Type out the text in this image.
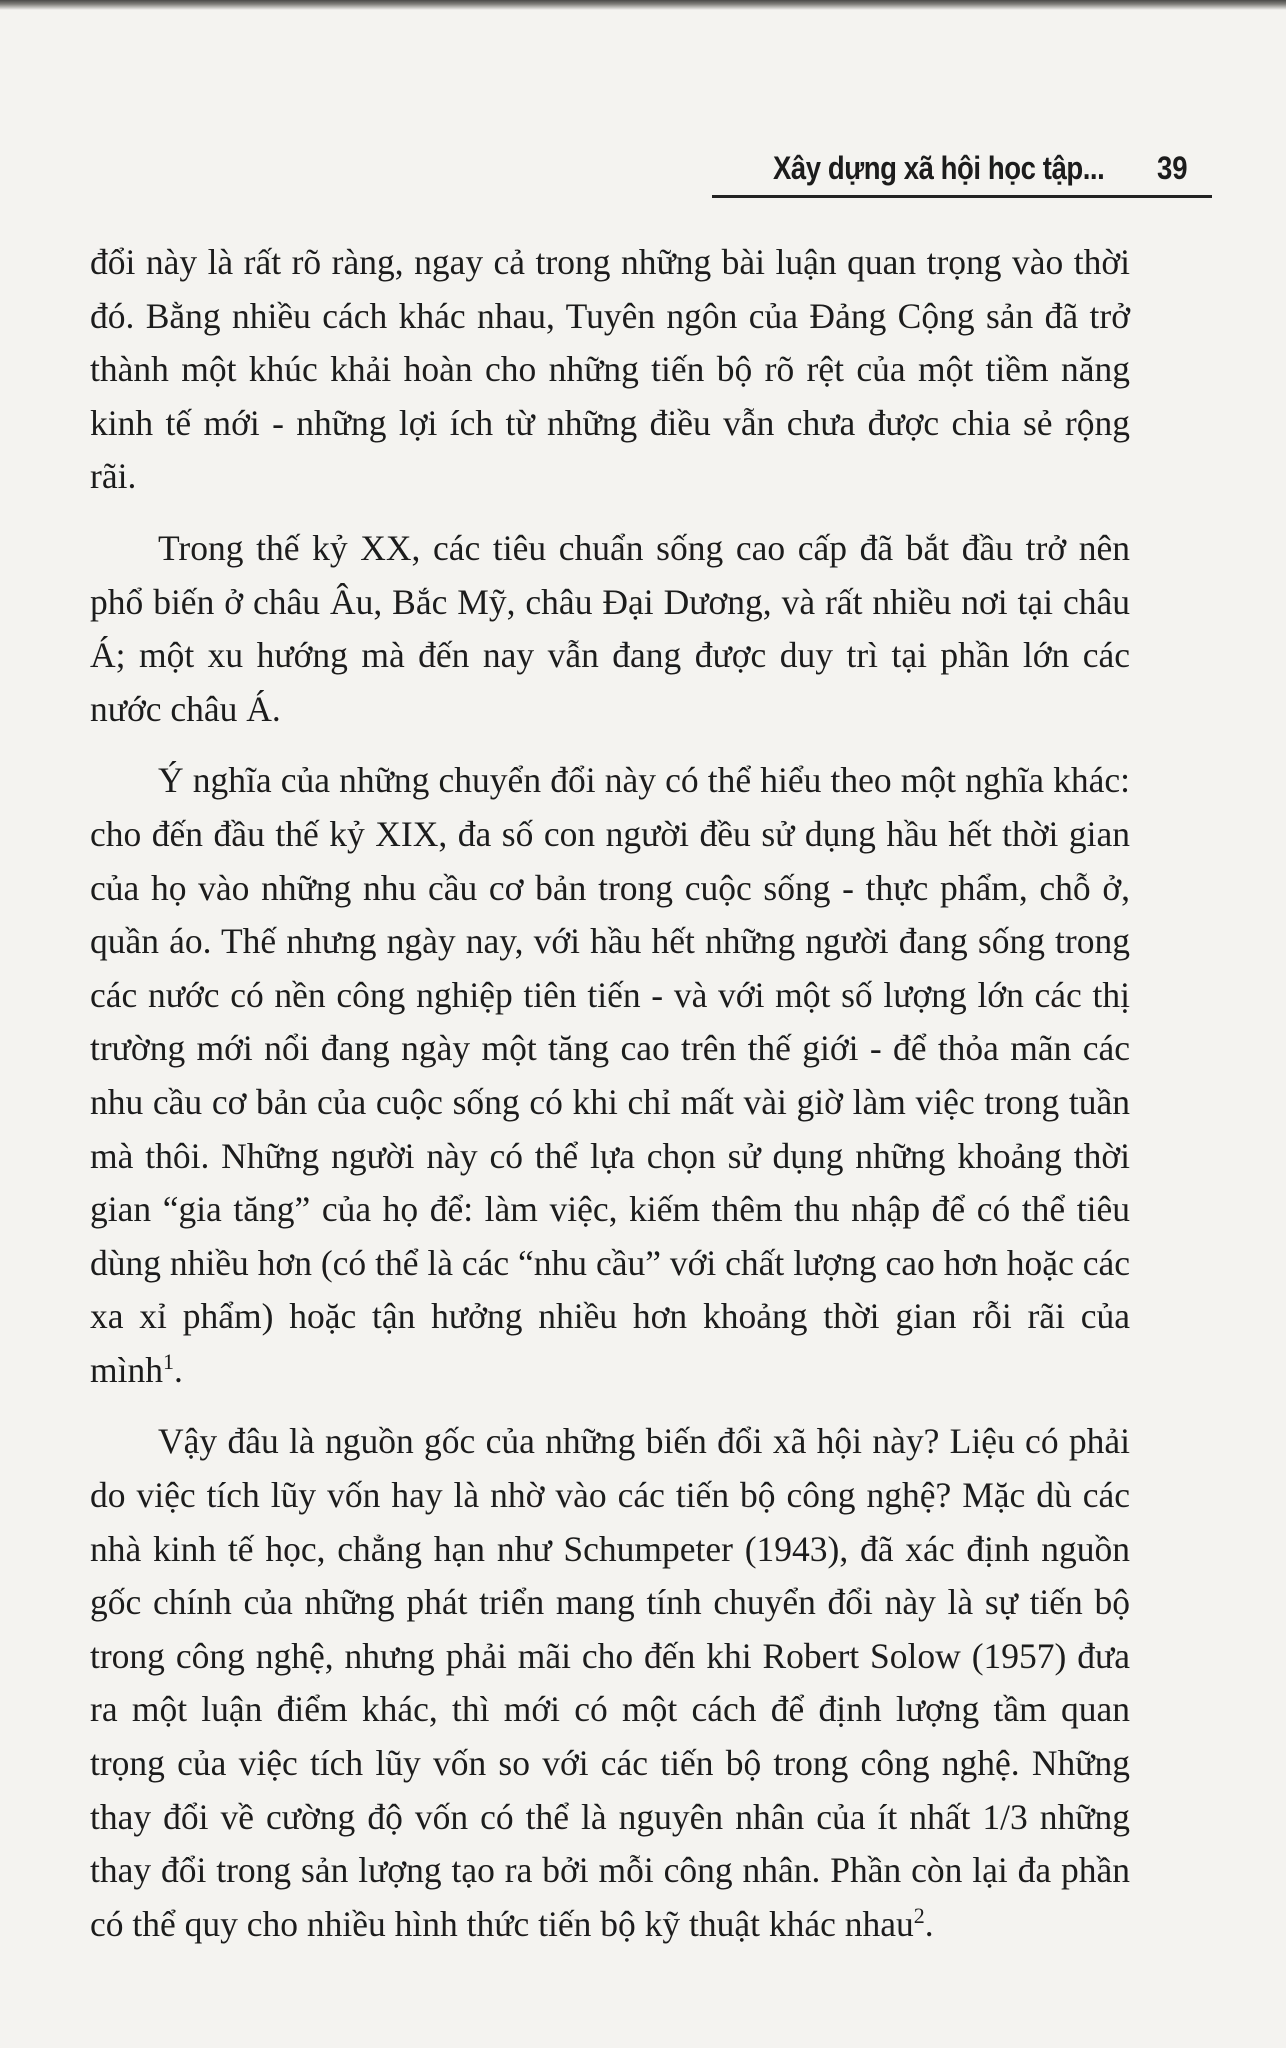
Xây dựng xã hội học tập... 39

đổi này là rất rõ ràng, ngay cả trong những bài luận quan trọng vào thời đó. Bằng nhiều cách khác nhau, Tuyên ngôn của Đảng Cộng sản đã trở thành một khúc khải hoàn cho những tiến bộ rõ rệt của một tiềm năng kinh tế mới - những lợi ích từ những điều vẫn chưa được chia sẻ rộng rãi.

Trong thế kỷ XX, các tiêu chuẩn sống cao cấp đã bắt đầu trở nên phổ biến ở châu Âu, Bắc Mỹ, châu Đại Dương, và rất nhiều nơi tại châu Á; một xu hướng mà đến nay vẫn đang được duy trì tại phần lớn các nước châu Á.

Ý nghĩa của những chuyển đổi này có thể hiểu theo một nghĩa khác: cho đến đầu thế kỷ XIX, đa số con người đều sử dụng hầu hết thời gian của họ vào những nhu cầu cơ bản trong cuộc sống - thực phẩm, chỗ ở, quần áo. Thế nhưng ngày nay, với hầu hết những người đang sống trong các nước có nền công nghiệp tiên tiến - và với một số lượng lớn các thị trường mới nổi đang ngày một tăng cao trên thế giới - để thỏa mãn các nhu cầu cơ bản của cuộc sống có khi chỉ mất vài giờ làm việc trong tuần mà thôi. Những người này có thể lựa chọn sử dụng những khoảng thời gian “gia tăng” của họ để: làm việc, kiếm thêm thu nhập để có thể tiêu dùng nhiều hơn (có thể là các “nhu cầu” với chất lượng cao hơn hoặc các xa xỉ phẩm) hoặc tận hưởng nhiều hơn khoảng thời gian rỗi rãi của mình$^1$.

Vậy đâu là nguồn gốc của những biến đổi xã hội này? Liệu có phải do việc tích lũy vốn hay là nhờ vào các tiến bộ công nghệ? Mặc dù các nhà kinh tế học, chẳng hạn như Schumpeter (1943), đã xác định nguồn gốc chính của những phát triển mang tính chuyển đổi này là sự tiến bộ trong công nghệ, nhưng phải mãi cho đến khi Robert Solow (1957) đưa ra một luận điểm khác, thì mới có một cách để định lượng tầm quan trọng của việc tích lũy vốn so với các tiến bộ trong công nghệ. Những thay đổi về cường độ vốn có thể là nguyên nhân của ít nhất 1/3 những thay đổi trong sản lượng tạo ra bởi mỗi công nhân. Phần còn lại đa phần có thể quy cho nhiều hình thức tiến bộ kỹ thuật khác nhau$^2$.
